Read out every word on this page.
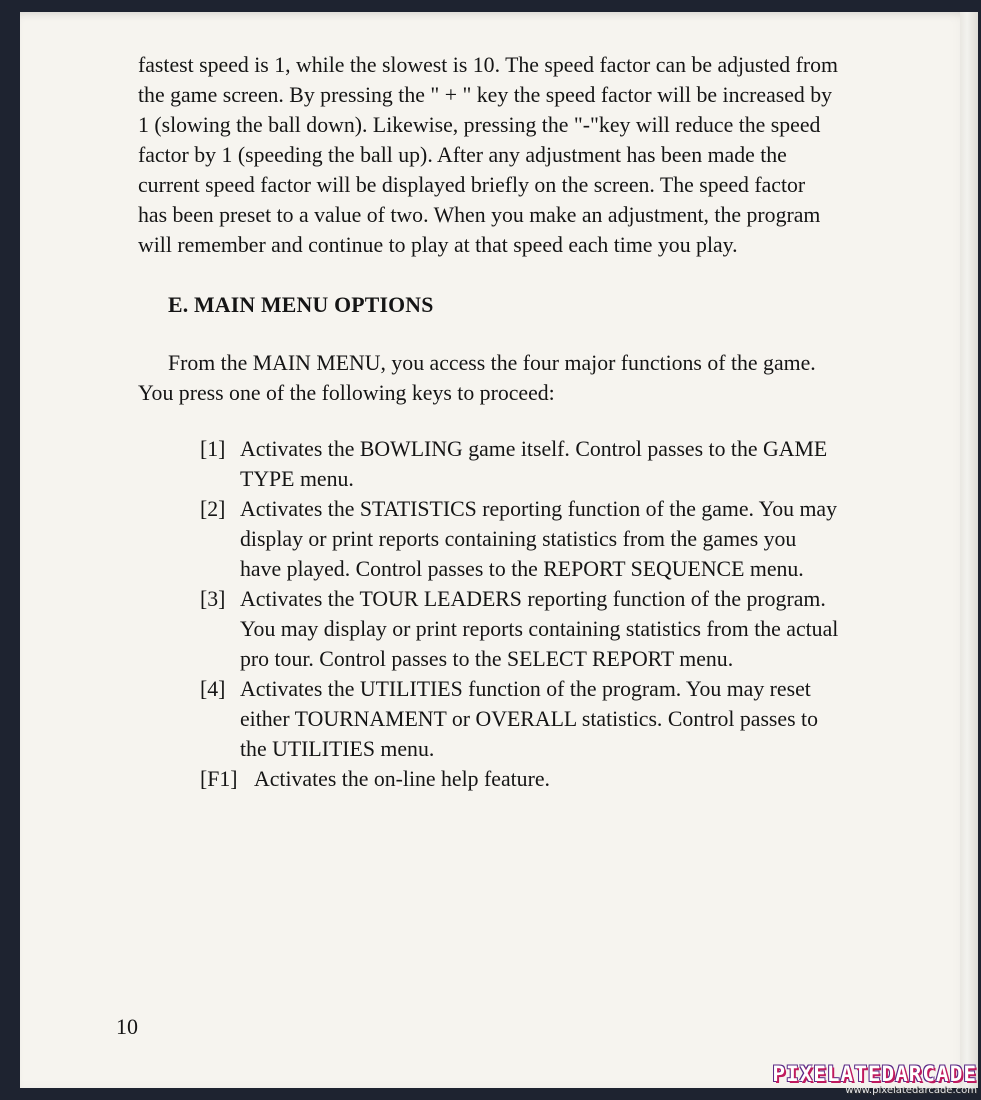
fastest speed is 1, while the slowest is 10. The speed factor can be adjusted from the game screen. By pressing the " + " key the speed factor will be increased by 1 (slowing the ball down). Likewise, pressing the "-"key will reduce the speed factor by 1 (speeding the ball up). After any adjustment has been made the current speed factor will be displayed briefly on the screen. The speed factor has been preset to a value of two. When you make an adjustment, the program will remember and continue to play at that speed each time you play.

E. MAIN MENU OPTIONS

From the MAIN MENU, you access the four major functions of the game. You press one of the following keys to proceed:

[1] Activates the BOWLING game itself. Control passes to the GAME TYPE menu.
[2] Activates the STATISTICS reporting function of the game. You may display or print reports containing statistics from the games you have played. Control passes to the REPORT SEQUENCE menu.
[3] Activates the TOUR LEADERS reporting function of the program. You may display or print reports containing statistics from the actual pro tour. Control passes to the SELECT REPORT menu.
[4] Activates the UTILITIES function of the program. You may reset either TOURNAMENT or OVERALL statistics. Control passes to the UTILITIES menu.
[F1] Activates the on-line help feature.
10
PIXELATEDARCADE
www.pixelatedarcade.com
